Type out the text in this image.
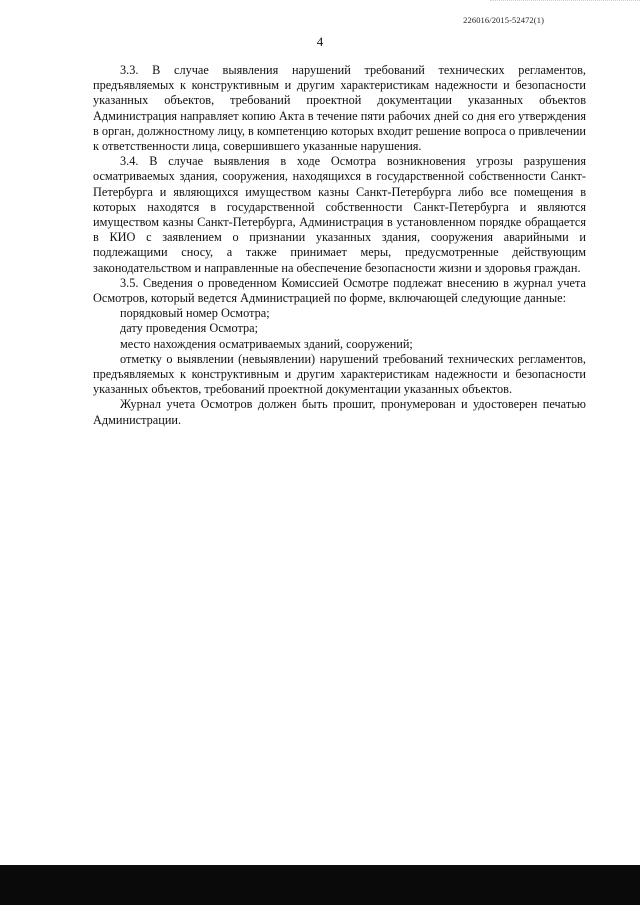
226016/2015-52472(1)
4

3.3. В случае выявления нарушений требований технических регламентов, предъявляемых к конструктивным и другим характеристикам надежности и безопасности указанных объектов, требований проектной документации указанных объектов Администрация направляет копию Акта в течение пяти рабочих дней со дня его утверждения в орган, должностному лицу, в компетенцию которых входит решение вопроса о привлечении к ответственности лица, совершившего указанные нарушения.

3.4. В случае выявления в ходе Осмотра возникновения угрозы разрушения осматриваемых здания, сооружения, находящихся в государственной собственности Санкт-Петербурга и являющихся имуществом казны Санкт-Петербурга либо все помещения в которых находятся в государственной собственности Санкт-Петербурга и являются имуществом казны Санкт-Петербурга, Администрация в установленном порядке обращается в КИО с заявлением о признании указанных здания, сооружения аварийными и подлежащими сносу, а также принимает меры, предусмотренные действующим законодательством и направленные на обеспечение безопасности жизни и здоровья граждан.

3.5. Сведения о проведенном Комиссией Осмотре подлежат внесению в журнал учета Осмотров, который ведется Администрацией по форме, включающей следующие данные:

порядковый номер Осмотра;

дату проведения Осмотра;

место нахождения осматриваемых зданий, сооружений;

отметку о выявлении (невыявлении) нарушений требований технических регламентов, предъявляемых к конструктивным и другим характеристикам надежности и безопасности указанных объектов, требований проектной документации указанных объектов.

Журнал учета Осмотров должен быть прошит, пронумерован и удостоверен печатью Администрации.
